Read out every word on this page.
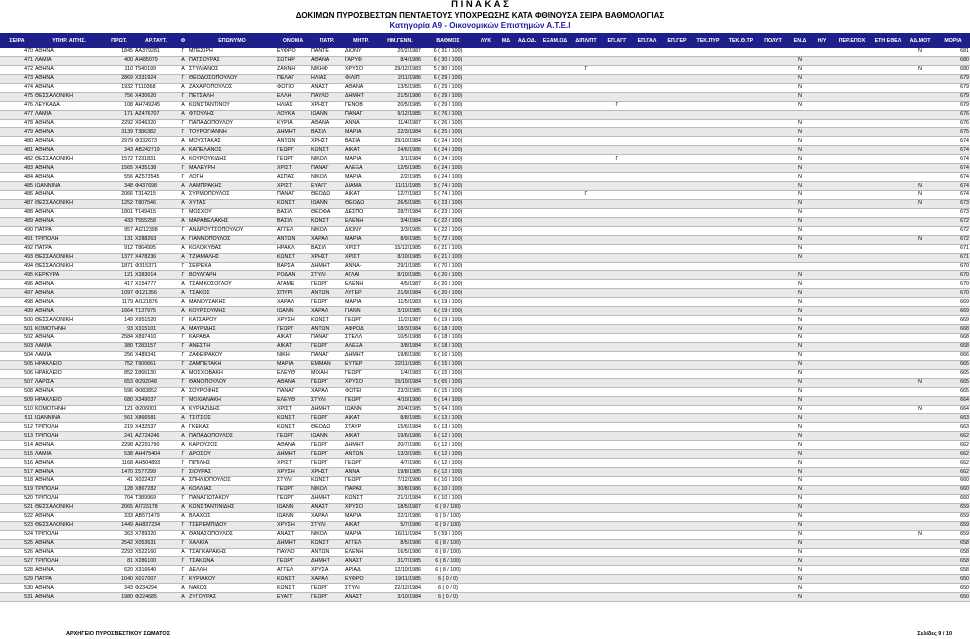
Π Ι Ν Α Κ Α Σ
ΔΟΚΙΜΩΝ ΠΥΡΟΣΒΕΣΤΩΝ ΠΕΝΤΑΕΤΟΥΣ ΥΠΟΧΡΕΩΣΗΣ ΚΑΤΑ ΦΘΙΝΟΥΣΑ ΣΕΙΡΑ ΒΑΘΜΟΛΟΓΙΑΣ
Κατηγορία Α9 - Οικονομικών Επιστημών Α.Τ.Ε.Ι
ΣΕΙΡΑ	ΥΠΗΡ. ΑΙΤΗΣ.	ΠΡΩΤ.	ΑΡ.ΤΑΥΤ.	Φ	ΕΠΩΝΥΜΟ	ΟΝΟΜΑ	ΠΑΤΡ.	ΜΗΤΡ.	ΗΜ.ΓΕΝΝ.	ΒΑΘΜΟΣ	ΛΥΚ	ΜΔ	ΑΔ.ΟΔ.	ΕΞΑΜ.ΟΔ	ΔΙΠΛ/ΠΤ	ΕΠ.ΑΓΓ	ΕΠ.ΓΑΛ	ΕΠ.ΓΕΡ	ΤΕΚ.ΠΥΡ	ΤΕΚ.Θ.ΤΡ	ΠΟΛΥΤ	ΕΝ.Δ	Η/Υ	ΠΕΡ.ΕΠΟΧ	ΕΤΗ ΕΘΕΛ	ΑΔ.ΜΟΤ	ΜΟΡΙΑ
470	ΑΘΗΝΑ	1845	ΑΑ379281	Γ	ΜΠΕΣΙΡΗ	ΕΥΦΡΟ	ΠΑΝΤΕ	ΔΙΟΝΥ	25/2/1987	6 ( 31 / 100)																Ν	681
471	ΛΑΜΙΑ	400	ΑΙ485079	Α	ΠΑΤΣΟΥΡΑΣ	ΣΩΤΗΡ	ΑΘΑΝΑ	ΓΑΡΥΦ	8/4/1986	6 ( 30 / 100)												Ν					680
472	ΑΘΗΝΑ	110	Τ540199	Α	ΣΤΥΛΙΑΝΟΣ	ΖΑΝΝΗ	ΝΙΚΗΦ	ΧΡΥΣΟ	29/12/1983	5 ( 80 / 100)					Γ							Ν				Ν	680
473	ΑΘΗΝΑ	2869	Χ331924	Γ	ΘΕΟΔΟΣΟΠΟΥΛΟΥ	ΠΕΛΑΓ	ΗΛΙΑΣ	ΦΙΛΙΠ	2/11/1986	6 ( 29 / 100)												Ν					679
474	ΑΘΗΝΑ	1932	Τ110368	Α	ΖΑΧΑΡΟΠΟΥΛΟΣ	ΦΩΤΙΟ	ΑΝΑΣΤ	ΑΘΑΝΑ	13/5/1985	6 ( 29 / 100)												Ν					679
475	ΘΕΣΣΑΛΟΝΙΚΗ	756	Χ430620	Γ	ΠΕΤΣΑΛΗ	ΕΛΛΗ	ΠΑΥΛΟ	ΔΗΜΗΤ	21/5/1986	6 ( 29 / 100)												Ν					679
476	ΛΕΥΚΑΔΑ	108	ΑΗ749245	Α	ΚΩΝΣΤΑΝΤΙΝΟΥ	ΗΛΙΑΣ	ΧΡΗΣΤ	ΓΕΝΟΒ	20/5/1985	6 ( 29 / 100)						Γ						Ν					679
477	ΛΑΜΙΑ	171	ΑΖ476707	Α	ΦΤΟΥΛΗΣ	ΛΟΥΚΑ	ΙΩΑΝΝ	ΠΑΝΑΓ	9/12/1985	6 ( 76 / 100)																	676
478	ΑΘΗΝΑ	2292	Χ046320	Γ	ΠΑΠΑΔΟΠΟΥΛΟΥ	ΚΥΡΙΑ	ΑΘΑΝΑ	ΑΝΝΑ	11/4/1987	6 ( 26 / 100)												Ν					676
479	ΑΘΗΝΑ	3139	Τ386382	Γ	ΤΟΥΡΟΓΙΑΝΝΗ	ΔΗΜΗΤ	ΒΑΣΙΛ	ΜΑΡΙΑ	22/3/1984	6 ( 25 / 100)												Ν					675
480	ΑΘΗΝΑ	2979	Φ332673	Α	ΜΟΥΣΤΑΚΑΣ	ΑΝΤΩΝ	ΧΡΗΣΤ	ΒΑΣΙΑ	29/10/1984	6 ( 24 / 100)												Ν					674
481	ΑΘΗΝΑ	343	ΑΒ242719	Α	ΚΑΠΕΛΑΝΟΣ	ΓΕΩΡΓ	ΚΩΝΣΤ	ΑΙΚΑΤ	24/6/1986	6 ( 24 / 100)												Ν					674
482	ΘΕΣΣΑΛΟΝΙΚΗ	1572	Τ231831	Α	ΚΟΥΡΟΥΚΙΔΗΣ	ΓΕΩΡΓ	ΝΙΚΟΛ	ΜΑΡΙΑ	3/1/1984	6 ( 24 / 100)						Γ						Ν					674
483	ΑΘΗΝΑ	1565	Χ435138	Γ	ΜΑΛΕΥΡΗ	ΧΡΙΣΤ	ΠΑΝΑΓ	ΑΛΕΞΑ	12/5/1985	6 ( 24 / 100)												Ν					674
484	ΑΘΗΝΑ	556	ΑΖ573545	Γ	ΛΟΓΗ	ΑΣΠΑΣ	ΝΙΚΟΛ	ΜΑΡΙΑ	2/2/1985	6 ( 24 / 100)												Ν					674
485	ΙΩΑΝΝΙΝΑ	348	Φ437698	Α	ΛΑΜΠΡΑΚΗΣ	ΧΡΙΣΤ	ΕΥΑΓΓ	ΔΙΑΜΑ	11/11/1985	5 ( 74 / 100)												Ν				Ν	674
486	ΑΘΗΝΑ	2066	Τ314215	Α	ΣΥΡΜΟΠΟΥΛΟΣ	ΠΑΝΑΓ	ΘΕΟΔΩ	ΑΙΚΑΤ	12/7/1983	5 ( 74 / 100)					Γ							Ν				Ν	674
487	ΘΕΣΣΑΛΟΝΙΚΗ	1252	Τ807546	Α	ΧΥΤΑΣ	ΚΩΝΣΤ	ΙΩΑΝΝ	ΘΕΟΔΩ	26/5/1985	6 ( 23 / 100)												Ν				Ν	673
488	ΑΘΗΝΑ	1801	Τ149415	Γ	ΜΟΣΧΟΥ	ΒΑΣΙΛ	ΘΕΟΦΑ	ΔΕΣΠΟ	28/7/1984	6 ( 23 / 100)												Ν					673
489	ΑΘΗΝΑ	433	Τ555258	Α	ΜΑΡΑΒΕΛΑΚΗΣ	ΒΑΣΙΛ	ΚΩΝΣΤ	ΕΛΕΝΗ	3/4/1984	6 ( 22 / 100)												Ν					672
490	ΠΑΤΡΑ	957	ΑΙ212398	Γ	ΑΝΔΡΟΥΤΣΟΠΟΥΛΟΥ	ΑΓΓΕΛ	ΝΙΚΟΛ	ΔΙΟΝΥ	3/3/1985	6 ( 22 / 100)												Ν					672
491	ΤΡΙΠΟΛΗ	131	Χ288263	Α	ΓΙΑΝΝΟΠΟΥΛΟΣ	ΑΝΤΩΝ	ΧΑΡΑΛ	ΜΑΡΙΑ	8/9/1985	5 ( 72 / 100)												Ν				Ν	672
492	ΠΑΤΡΑ	912	Τ864995	Α	ΚΟΛΟΚΥΘΑΣ	ΗΡΑΚΛ	ΒΑΣΙΛ	ΧΡΙΣΤ	15/12/1985	6 ( 21 / 100)												Ν					671
493	ΘΕΣΣΑΛΟΝΙΚΗ	1377	Χ478236	Α	ΤΖΙΑΜΑΛΗΣ	ΚΩΝΣΤ	ΧΡΗΣΤ	ΧΡΙΣΤ	8/10/1985	6 ( 21 / 100)												Ν					671
494	ΘΕΣΣΑΛΟΝΙΚΗ	1871	Φ315371	Γ	ΣΕΙΡΕΚΑ	ΒΑΡΣΑ	ΔΗΜΗΤ	ΑΝΝΑ-	29/1/1985	6 ( 70 / 100)																	670
495	ΚΕΡΚΥΡΑ	121	Χ383014	Γ	ΒΟΥΛΓΑΡΗ	ΡΟΔΑΝ	ΣΤΥΛΙ	ΑΓΛΑΙ	8/10/1985	6 ( 20 / 100)												Ν					670
496	ΑΘΗΝΑ	417	Χ154777	Α	ΤΣΑΜΚΟΣΟΓΛΟΥ	ΑΓΑΜΕ	ΓΕΩΡΓ	ΕΛΕΝΗ	4/5/1987	6 ( 20 / 100)												Ν					670
497	ΑΘΗΝΑ	1097	Φ121356	Α	ΤΣΑΚΟΣ	ΣΠΥΡΙ	ΑΝΤΩΝ	ΛΥΓΕΡ	21/9/1984	6 ( 20 / 100)												Ν					670
498	ΑΘΗΝΑ	1179	ΑΙ121876	Α	ΜΑΝΟΥΣΑΚΗΣ	ΧΑΡΑΛ	ΓΕΩΡΓ	ΜΑΡΙΑ	11/5/1983	6 ( 19 / 100)												Ν					669
499	ΑΘΗΝΑ	1664	Τ137975	Α	ΚΟΥΡΣΟΥΜΗΣ	ΙΩΑΝΝ	ΧΑΡΑΛ	ΓΙΑΝΝ	3/10/1985	6 ( 19 / 100)												Ν					669
500	ΘΕΣΣΑΛΟΝΙΚΗ	149	Χ951520	Γ	ΚΑΤΣΑΡΟΥ	ΧΡΥΣΗ	ΚΩΝΣΤ	ΓΕΩΡΓ	11/2/1987	6 ( 19 / 100)												Ν					669
501	ΚΟΜΟΤΗΝΗ	93	Χ315101	Α	ΜΑΥΡΙΔΗΣ	ΓΕΩΡΓ	ΑΝΤΩΝ	ΑΦΡΟΔ	18/3/1984	6 ( 18 / 100)												Ν					668
502	ΑΘΗΝΑ	2584	Χ897410	Γ	ΚΑΡΑΒΑ	ΑΙΚΑΤ	ΠΑΝΑΓ	ΣΤΕΛΛ	10/5/1988	6 ( 18 / 100)												Ν					668
503	ΛΑΜΙΑ	380	Τ283157	Γ	ΑΝΕΣΤΗ	ΑΙΚΑΤ	ΓΕΩΡΓ	ΑΛΕΞΑ	3/8/1984	6 ( 18 / 100)												Ν					668
504	ΛΑΜΙΑ	256	Χ489341	Γ	ΖΑΦΕΙΡΑΚΟΥ	ΝΙΚΗ	ΠΑΝΑΓ	ΔΗΜΗΤ	19/8/1986	6 ( 16 / 100)												Ν					666
505	ΗΡΑΚΛΕΙΟ	752	Τ900661	Γ	ΖΑΜΠΕΤΑΚΗ	ΜΑΡΙΑ	ΕΜΜΑΝ	ΕΥΤΕΡ	22/11/1985	6 ( 15 / 100)												Ν					665
506	ΗΡΑΚΛΕΙΟ	852	Σ866130	Α	ΜΟΣΧΟΒΑΚΗ	ΕΛΕΥΘ	ΜΙΧΑΗ	ΓΕΩΡΓ	1/4/1983	6 ( 15 / 100)												Ν					665
507	ΛΑΡΙΣΑ	653	Φ292048	Γ	ΘΑΝΟΠΟΥΛΟΥ	ΑΘΑΝΑ	ΓΕΩΡΓ	ΧΡΥΣΟ	15/10/1984	5 ( 65 / 100)												Ν				Ν	665
508	ΑΘΗΝΑ	596	Φ083852	Α	ΣΟΥΡΟΦΗΣ	ΠΑΝΑΓ	ΧΑΡΑΛ	ΦΩΤΕΙ	23/3/1985	6 ( 15 / 100)												Ν					665
509	ΗΡΑΚΛΕΙΟ	680	Χ349037	Γ	ΜΟΧΙΑΝΑΚΗ	ΕΛΕΥΘ	ΣΤΥΛΙ	ΓΕΩΡΓ	4/10/1986	6 ( 14 / 100)												Ν					664
510	ΚΟΜΟΤΗΝΗ	121	Φ206001	Α	ΚΥΡΙΑΖΙΔΗΣ	ΧΡΙΣΤ	ΔΗΜΗΤ	ΙΩΑΝΝ	20/4/1985	5 ( 64 / 100)												Ν				Ν	664
511	ΙΩΑΝΝΙΝΑ	561	Χ866581	Α	ΤΣΙΤΣΟΣ	ΚΩΝΣΤ	ΓΕΩΡΓ	ΑΙΚΑΤ	8/8/1985	6 ( 13 / 100)												Ν					663
512	ΤΡΙΠΟΛΗ	219	Χ432537	Α	ΓΚΕΚΑΣ	ΚΩΝΣΤ	ΘΕΟΔΩ	ΣΤΑΥΡ	15/6/1984	6 ( 13 / 100)												Ν					663
513	ΤΡΙΠΟΛΗ	241	ΑΖ724246	Α	ΠΑΠΑΔΟΠΟΥΛΟΣ	ΓΕΩΡΓ	ΙΩΑΝΝ	ΑΙΚΑΤ	19/6/1986	6 ( 12 / 100)												Ν					662
514	ΑΘΗΝΑ	2298	ΑΖ291790	Α	ΚΑΡΟΥΖΟΣ	ΑΘΑΝΑ	ΓΕΩΡΓ	ΔΗΜΗΤ	20/7/1986	6 ( 12 / 100)												Ν					662
515	ΛΑΜΙΑ	538	ΑΗ475404	Γ	ΔΡΟΣΟΥ	ΔΗΜΗΤ	ΓΕΩΡΓ	ΑΝΤΩΝ	13/3/1985	6 ( 12 / 100)												Ν					662
516	ΑΘΗΝΑ	1168	ΑΗ504893	Γ	ΠΙΠΙΛΗΣ	ΧΡΙΣΤ	ΓΕΩΡΓ	ΓΕΩΡΓ	4/7/1986	6 ( 12 / 100)												Ν					662
517	ΑΘΗΝΑ	1470	Σ577299	Γ	ΣΙΟΥΡΑΣ	ΧΡΥΣΗ	ΧΡΗΣΤ	ΑΝΝΑ	19/8/1985	6 ( 12 / 100)												Ν					662
518	ΑΘΗΝΑ	41	Χ022437	Α	ΣΠΗΛΙΟΠΟΥΛΟΣ	ΣΤΥΛΙ	ΚΩΝΣΤ	ΓΕΩΡΓ	7/12/1986	6 ( 10 / 100)												Ν					660
519	ΤΡΙΠΟΛΗ	128	Χ867282	Α	ΚΟΛΛΙΑΣ	ΓΕΩΡΓ	ΝΙΚΟΛ	ΠΑΡΑΣ	30/8/1986	6 ( 10 / 100)												Ν					660
520	ΤΡΙΠΟΛΗ	704	Τ389969	Γ	ΠΑΝΑΓΙΩΤΑΚΟΥ	ΓΕΩΡΓ	ΔΗΜΗΤ	ΚΩΝΣΤ	21/1/1984	6 ( 10 / 100)												Ν					660
521	ΘΕΣΣΑΛΟΝΙΚΗ	2065	ΑΙ723178	Α	ΚΩΝΣΤΑΝΤΙΝΙΔΗΣ	ΙΩΑΝΝ	ΑΝΑΣΤ	ΧΡΥΣΟ	18/5/1987	6 ( 9 / 100)												Ν					659
522	ΑΘΗΝΑ	333	ΑΒ571479	Α	ΒΛΑΧΟΣ	ΙΩΑΝΝ	ΧΑΡΑΛ	ΜΑΡΙΑ	22/1/1986	6 ( 9 / 100)												Ν					659
523	ΘΕΣΣΑΛΟΝΙΚΗ	1449	ΑΗ837234	Γ	ΤΣΕΡΕΜΠΙΔΟΥ	ΧΡΥΣΗ	ΣΤΥΛΙ	ΑΙΚΑΤ	5/7/1986	6 ( 9 / 100)												Ν					659
524	ΤΡΙΠΟΛΗ	363	Χ789320	Α	ΘΑΝΑΣΟΠΟΥΛΟΣ	ΑΝΑΣΤ	ΝΙΚΟΛ	ΜΑΡΙΑ	16/11/1984	5 ( 59 / 100)												Ν				Ν	659
525	ΑΘΗΝΑ	2542	Χ053631	Γ	ΧΑΛΚΙΑ	ΔΗΜΗΤ	ΚΩΝΣΤ	ΑΓΓΕΛ	8/5/1986	6 ( 8 / 100)												Ν					658
526	ΑΘΗΝΑ	2293	Χ522160	Α	ΤΣΑΓΚΑΡΑΚΗΣ	ΠΑΥΛΟ	ΑΝΤΩΝ	ΕΛΕΝΗ	16/5/1986	6 ( 8 / 100)												Ν					658
527	ΤΡΙΠΟΛΗ	81	Χ286100	Γ	ΤΣΑΚΩΝΑ	ΓΕΩΡΓ	ΔΗΜΗΤ	ΑΝΑΣΤ	31/7/1985	6 ( 8 / 100)												Ν					658
528	ΑΘΗΝΑ	620	Χ316640	Γ	ΔΕΛΛΗ	ΑΓΓΕΛ	ΧΡΥΣΑ	ΑΡΙΑΔ	12/10/1986	6 ( 8 / 100)												Ν					658
529	ΠΑΤΡΑ	1040	Χ017007	Γ	ΚΥΡΙΑΚΟΥ	ΚΩΝΣΤ	ΧΑΡΑΛ	ΕΥΦΡΟ	19/11/1985	6 ( 0 / 0)												Ν					650
530	ΑΘΗΝΑ	343	Φ234294	Α	ΝΑΚΟΣ	ΚΩΝΣΤ	ΓΕΩΡΓ	ΣΤΥΛΙ	22/12/1984	6 ( 0 / 0)												Ν					650
531	ΑΘΗΝΑ	1980	Φ224685	Α	ΖΥΓΟΥΡΑΣ	ΕΥΑΓΓ	ΓΕΩΡΓ	ΑΝΑΣΤ	3/10/1984	6 ( 0 / 0)												Ν					650
ΑΡΧΗΓΕΙΟ ΠΥΡΟΣΒΕΣΤΙΚΟΥ ΣΩΜΑΤΟΣ	Σελίδες 9 / 10
